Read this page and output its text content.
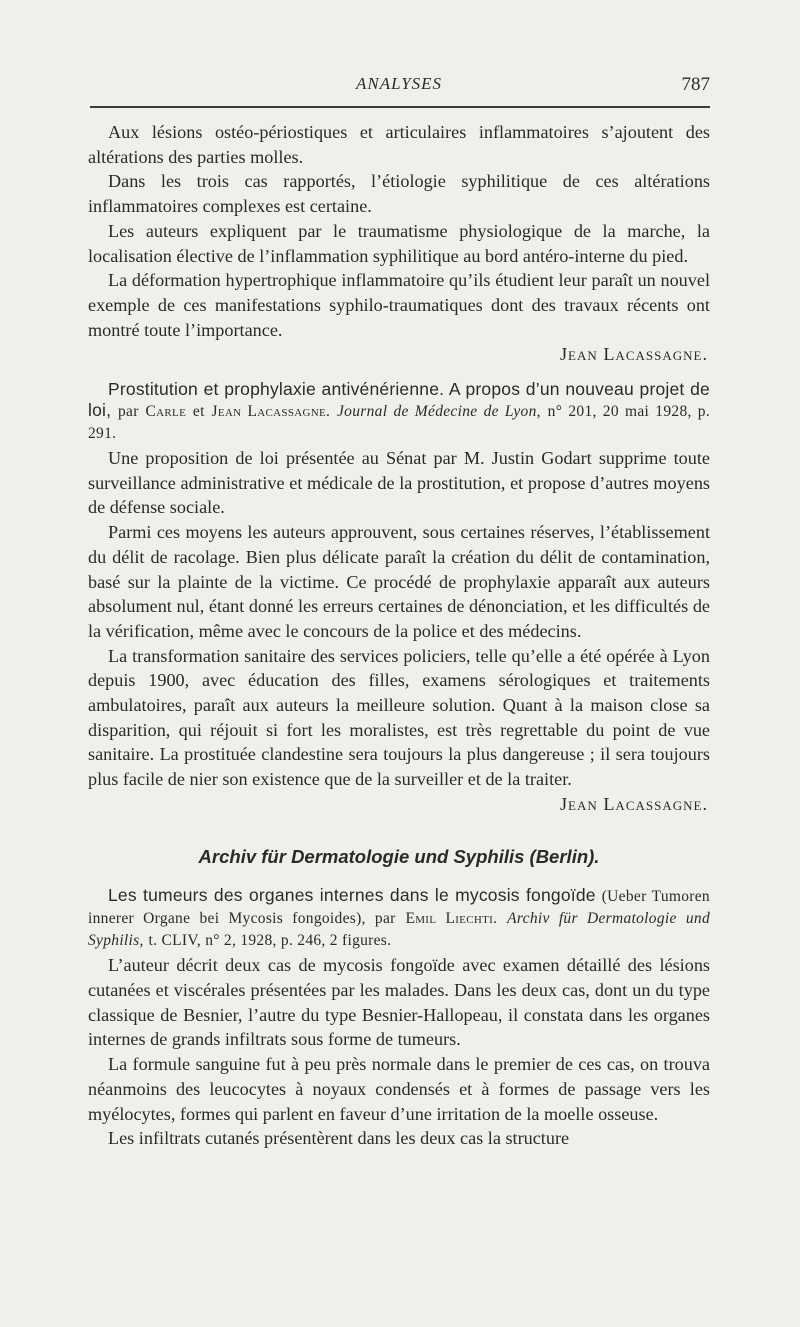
ANALYSES	787

Aux lésions ostéo-périostiques et articulaires inflammatoires s’ajoutent des altérations des parties molles.

Dans les trois cas rapportés, l’étiologie syphilitique de ces altérations inflammatoires complexes est certaine.

Les auteurs expliquent par le traumatisme physiologique de la marche, la localisation élective de l’inflammation syphilitique au bord antéro-interne du pied.

La déformation hypertrophique inflammatoire qu’ils étudient leur paraît un nouvel exemple de ces manifestations syphilo-traumatiques dont des travaux récents ont montré toute l’importance.

Jean Lacassagne.
Prostitution et prophylaxie antivénérienne. A propos d’un nouveau projet de loi, par Carle et Jean Lacassagne. Journal de Médecine de Lyon, n° 201, 20 mai 1928, p. 291.

Une proposition de loi présentée au Sénat par M. Justin Godart supprime toute surveillance administrative et médicale de la prostitution, et propose d’autres moyens de défense sociale.

Parmi ces moyens les auteurs approuvent, sous certaines réserves, l’établissement du délit de racolage. Bien plus délicate paraît la création du délit de contamination, basé sur la plainte de la victime. Ce procédé de prophylaxie apparaît aux auteurs absolument nul, étant donné les erreurs certaines de dénonciation, et les difficultés de la vérification, même avec le concours de la police et des médecins.

La transformation sanitaire des services policiers, telle qu’elle a été opérée à Lyon depuis 1900, avec éducation des filles, examens sérologiques et traitements ambulatoires, paraît aux auteurs la meilleure solution. Quant à la maison close sa disparition, qui réjouit si fort les moralistes, est très regrettable du point de vue sanitaire. La prostituée clandestine sera toujours la plus dangereuse ; il sera toujours plus facile de nier son existence que de la surveiller et de la traiter.

Jean Lacassagne.
Archiv für Dermatologie und Syphilis (Berlin).
Les tumeurs des organes internes dans le mycosis fongoïde (Ueber Tumoren innerer Organe bei Mycosis fongoides), par Emil Liechti. Archiv für Dermatologie und Syphilis, t. CLIV, n° 2, 1928, p. 246, 2 figures.

L’auteur décrit deux cas de mycosis fongoïde avec examen détaillé des lésions cutanées et viscérales présentées par les malades. Dans les deux cas, dont un du type classique de Besnier, l’autre du type Besnier-Hallopeau, il constata dans les organes internes de grands infiltrats sous forme de tumeurs.

La formule sanguine fut à peu près normale dans le premier de ces cas, on trouva néanmoins des leucocytes à noyaux condensés et à formes de passage vers les myélocytes, formes qui parlent en faveur d’une irritation de la moelle osseuse.

Les infiltrats cutanés présentèrent dans les deux cas la structure
